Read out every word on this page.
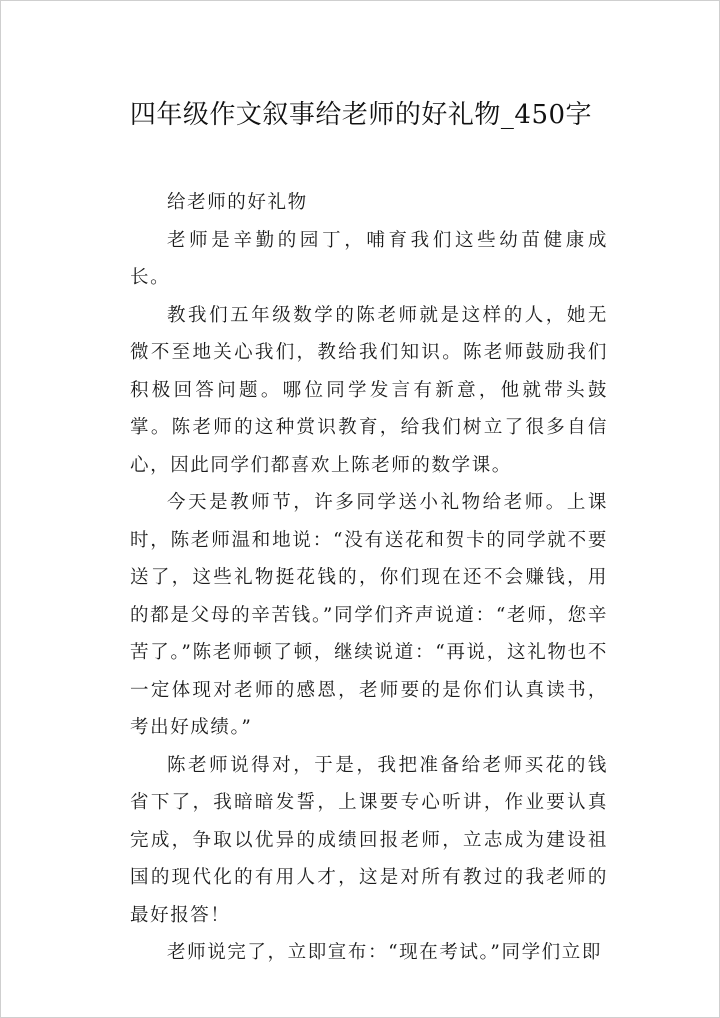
四年级作文叙事给老师的好礼物_450字

给老师的好礼物

老师是辛勤的园丁，哺育我们这些幼苗健康成长。

教我们五年级数学的陈老师就是这样的人，她无微不至地关心我们，教给我们知识。陈老师鼓励我们积极回答问题。哪位同学发言有新意，他就带头鼓掌。陈老师的这种赏识教育，给我们树立了很多自信心，因此同学们都喜欢上陈老师的数学课。

今天是教师节，许多同学送小礼物给老师。上课时，陈老师温和地说：“没有送花和贺卡的同学就不要送了，这些礼物挺花钱的，你们现在还不会赚钱，用的都是父母的辛苦钱。”同学们齐声说道：“老师，您辛苦了。”陈老师顿了顿，继续说道：“再说，这礼物也不一定体现对老师的感恩，老师要的是你们认真读书，考出好成绩。”

陈老师说得对，于是，我把准备给老师买花的钱省下了，我暗暗发誓，上课要专心听讲，作业要认真完成，争取以优异的成绩回报老师，立志成为建设祖国的现代化的有用人才，这是对所有教过的我老师的最好报答！

老师说完了，立即宣布：“现在考试。”同学们立即
